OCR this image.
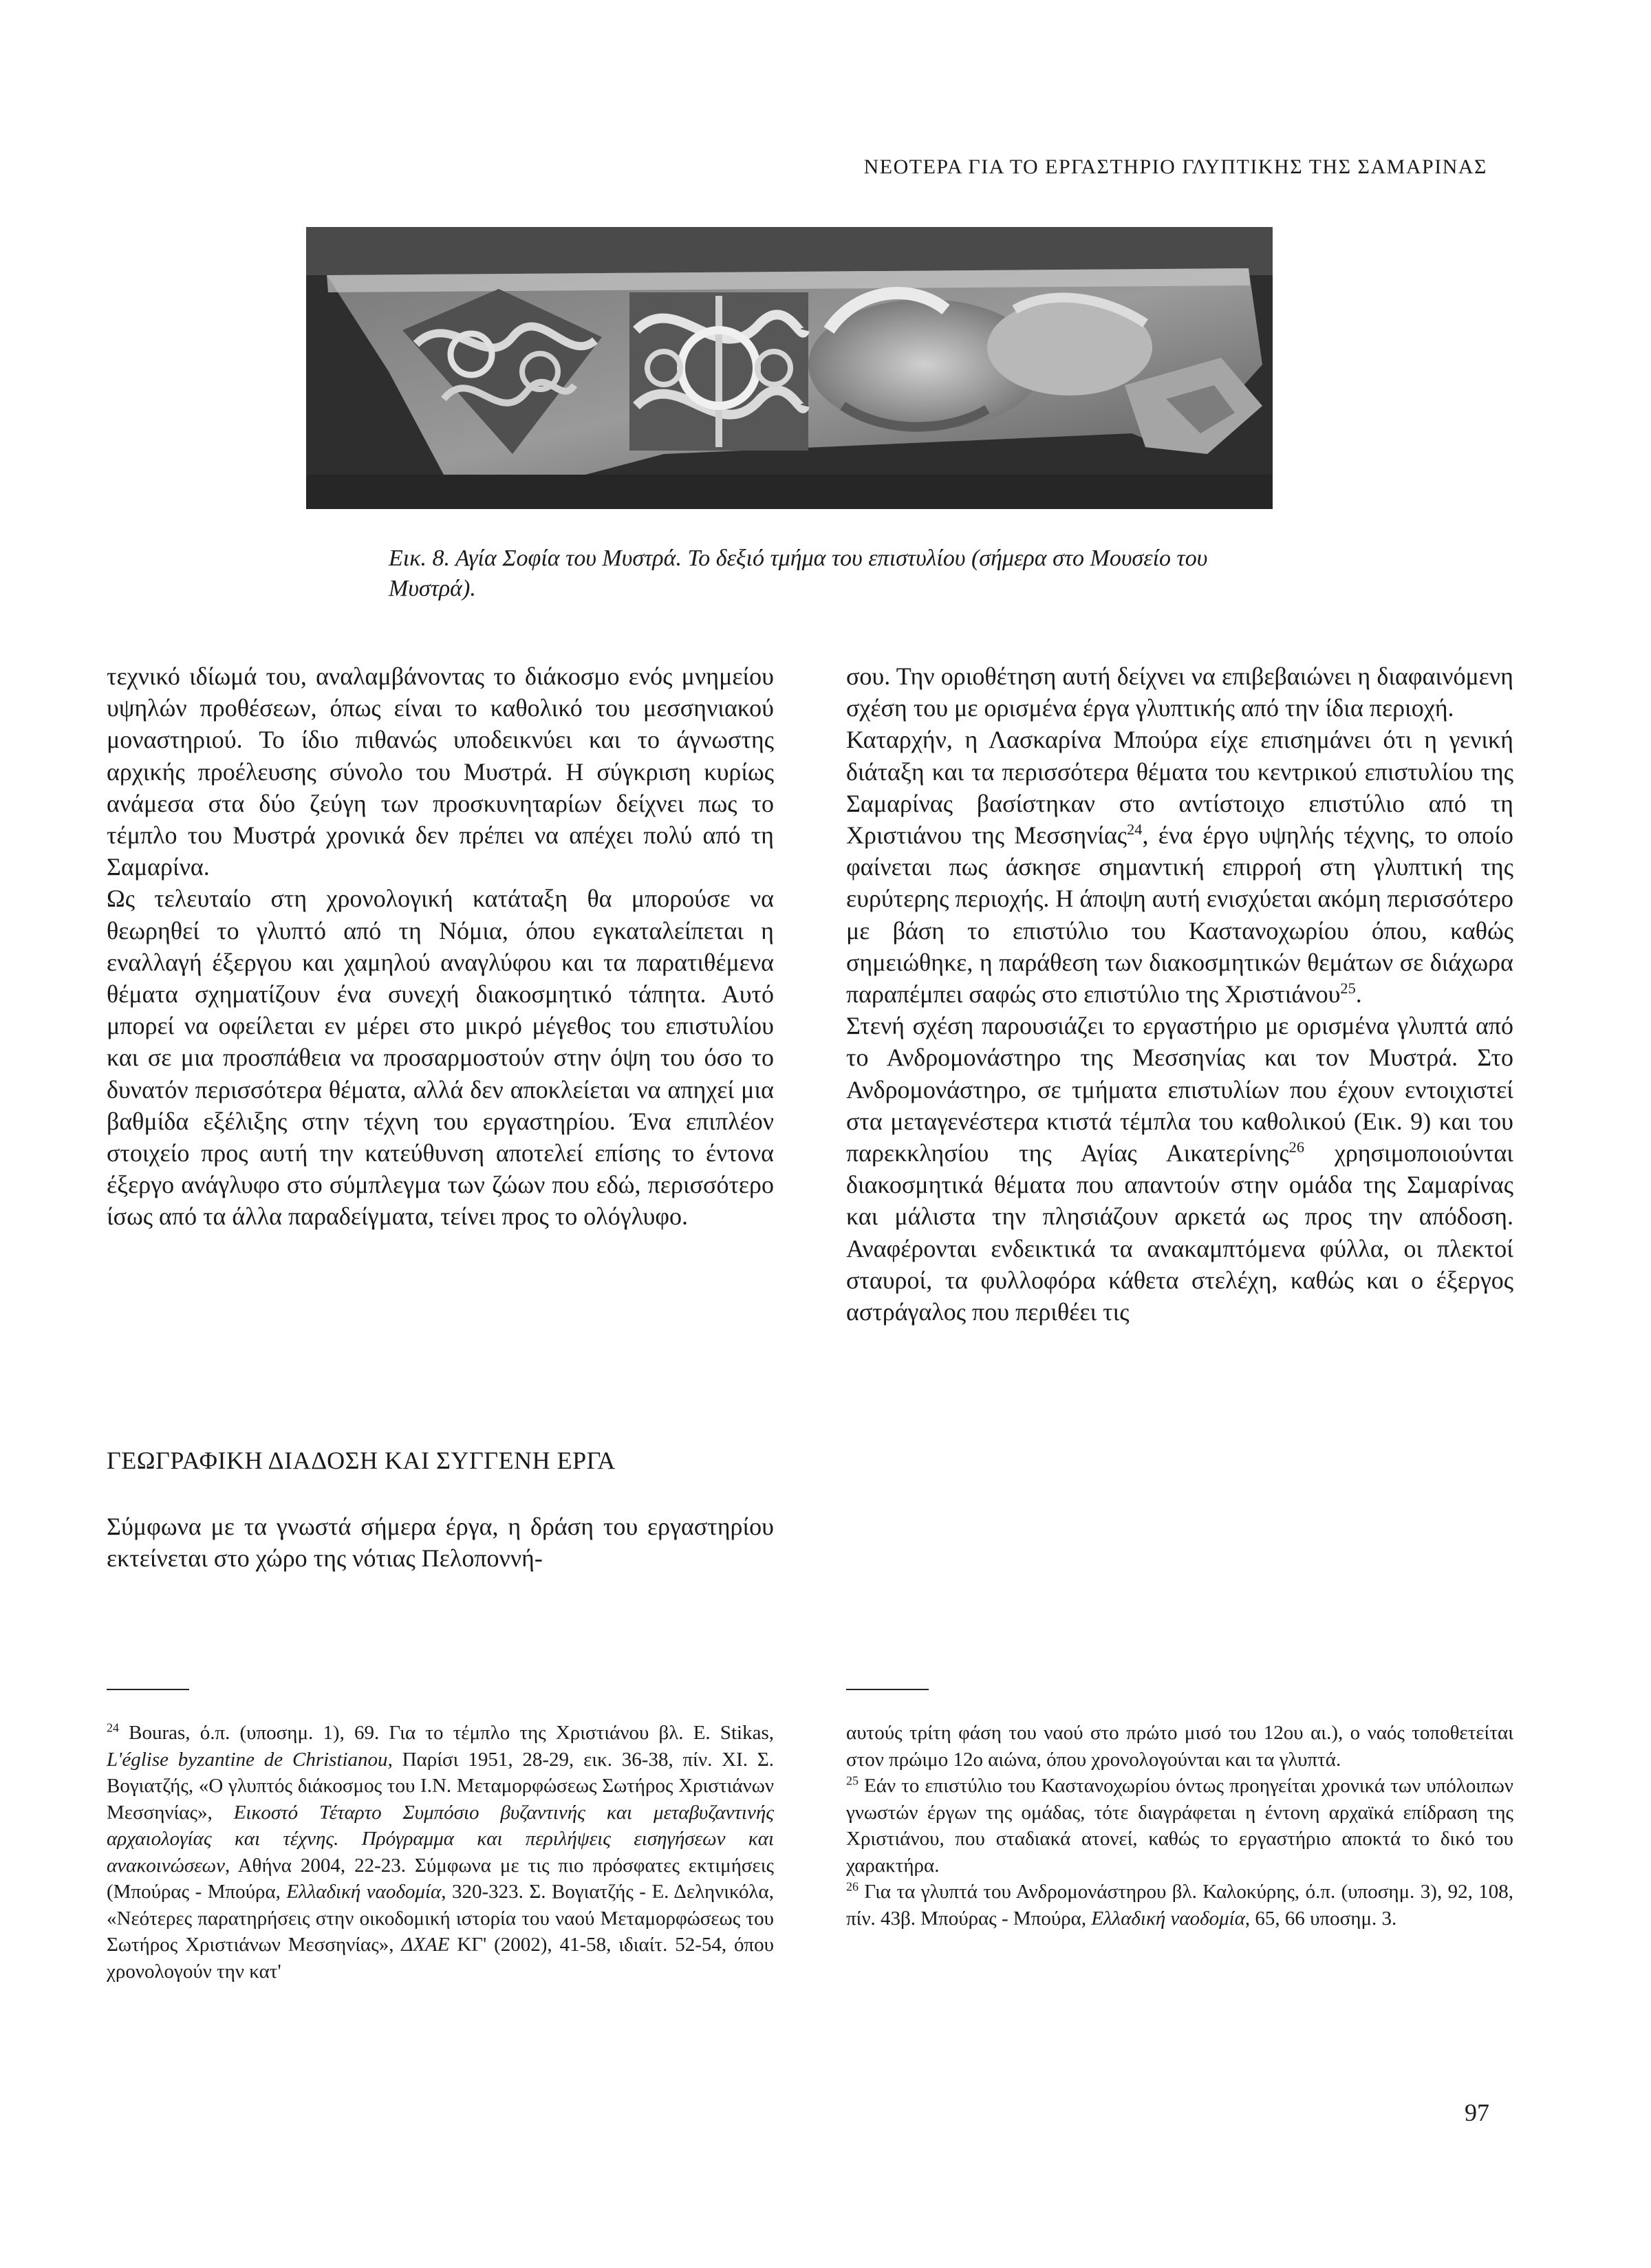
ΝΕΟΤΕΡΑ ΓΙΑ ΤΟ ΕΡΓΑΣΤΗΡΙΟ ΓΛΥΠΤΙΚΗΣ ΤΗΣ ΣΑΜΑΡΙΝΑΣ
Εικ. 8. Αγία Σοφία του Μυστρά. Το δεξιό τμήμα του επιστυλίου (σήμερα στο Μουσείο του Μυστρά).

τεχνικό ιδίωμά του, αναλαμβάνοντας το διάκοσμο ενός μνημείου υψηλών προθέσεων, όπως είναι το καθολικό του μεσσηνιακού μοναστηριού. Το ίδιο πιθανώς υποδεικνύει και το άγνωστης αρχικής προέλευσης σύνολο του Μυστρά. Η σύγκριση κυρίως ανάμεσα στα δύο ζεύγη των προσκυνηταρίων δείχνει πως το τέμπλο του Μυστρά χρονικά δεν πρέπει να απέχει πολύ από τη Σαμαρίνα.

Ως τελευταίο στη χρονολογική κατάταξη θα μπορούσε να θεωρηθεί το γλυπτό από τη Νόμια, όπου εγκαταλείπεται η εναλλαγή έξεργου και χαμηλού αναγλύφου και τα παρατιθέμενα θέματα σχηματίζουν ένα συνεχή διακοσμητικό τάπητα. Αυτό μπορεί να οφείλεται εν μέρει στο μικρό μέγεθος του επιστυλίου και σε μια προσπάθεια να προσαρμοστούν στην όψη του όσο το δυνατόν περισσότερα θέματα, αλλά δεν αποκλείεται να απηχεί μια βαθμίδα εξέλιξης στην τέχνη του εργαστηρίου. Ένα επιπλέον στοιχείο προς αυτή την κατεύθυνση αποτελεί επίσης το έντονα έξεργο ανάγλυφο στο σύμπλεγμα των ζώων που εδώ, περισσότερο ίσως από τα άλλα παραδείγματα, τείνει προς το ολόγλυφο.

ΓΕΩΓΡΑΦΙΚΗ ΔΙΑΔΟΣΗ ΚΑΙ ΣΥΓΓΕΝΗ ΕΡΓΑ

Σύμφωνα με τα γνωστά σήμερα έργα, η δράση του εργαστηρίου εκτείνεται στο χώρο της νότιας Πελοποννή-

σου. Την οριοθέτηση αυτή δείχνει να επιβεβαιώνει η διαφαινόμενη σχέση του με ορισμένα έργα γλυπτικής από την ίδια περιοχή.

Καταρχήν, η Λασκαρίνα Μπούρα είχε επισημάνει ότι η γενική διάταξη και τα περισσότερα θέματα του κεντρικού επιστυλίου της Σαμαρίνας βασίστηκαν στο αντίστοιχο επιστύλιο από τη Χριστιάνου της Μεσσηνίας$^{24}$, ένα έργο υψηλής τέχνης, το οποίο φαίνεται πως άσκησε σημαντική επιρροή στη γλυπτική της ευρύτερης περιοχής. Η άποψη αυτή ενισχύεται ακόμη περισσότερο με βάση το επιστύλιο του Καστανοχωρίου όπου, καθώς σημειώθηκε, η παράθεση των διακοσμητικών θεμάτων σε διάχωρα παραπέμπει σαφώς στο επιστύλιο της Χριστιάνου$^{25}$.

Στενή σχέση παρουσιάζει το εργαστήριο με ορισμένα γλυπτά από το Ανδρομονάστηρο της Μεσσηνίας και τον Μυστρά. Στο Ανδρομονάστηρο, σε τμήματα επιστυλίων που έχουν εντοιχιστεί στα μεταγενέστερα κτιστά τέμπλα του καθολικού (Εικ. 9) και του παρεκκλησίου της Αγίας Αικατερίνης$^{26}$ χρησιμοποιούνται διακοσμητικά θέματα που απαντούν στην ομάδα της Σαμαρίνας και μάλιστα την πλησιάζουν αρκετά ως προς την απόδοση. Αναφέρονται ενδεικτικά τα ανακαμπτόμενα φύλλα, οι πλεκτοί σταυροί, τα φυλλοφόρα κάθετα στελέχη, καθώς και ο έξεργος αστράγαλος που περιθέει τις

$^{24}$ Bouras, ό.π. (υποσημ. 1), 69. Για το τέμπλο της Χριστιάνου βλ. E. Stikas, L'église byzantine de Christianou, Παρίσι 1951, 28-29, εικ. 36-38, πίν. XI. Σ. Βογιατζής, «Ο γλυπτός διάκοσμος του Ι.Ν. Μεταμορφώσεως Σωτήρος Χριστιάνων Μεσσηνίας», Εικοστό Τέταρτο Συμπόσιο βυζαντινής και μεταβυζαντινής αρχαιολογίας και τέχνης. Πρόγραμμα και περιλήψεις εισηγήσεων και ανακοινώσεων, Αθήνα 2004, 22-23. Σύμφωνα με τις πιο πρόσφατες εκτιμήσεις (Μπούρας - Μπούρα, Ελλαδική ναοδομία, 320-323. Σ. Βογιατζής - Ε. Δεληνικόλα, «Νεότερες παρατηρήσεις στην οικοδομική ιστορία του ναού Μεταμορφώσεως του Σωτήρος Χριστιάνων Μεσσηνίας», ΔΧΑΕ ΚΓ' (2002), 41-58, ιδιαίτ. 52-54, όπου χρονολογούν την κατ'

αυτούς τρίτη φάση του ναού στο πρώτο μισό του 12ου αι.), ο ναός τοποθετείται στον πρώιμο 12ο αιώνα, όπου χρονολογούνται και τα γλυπτά.

$^{25}$ Εάν το επιστύλιο του Καστανοχωρίου όντως προηγείται χρονικά των υπόλοιπων γνωστών έργων της ομάδας, τότε διαγράφεται η έντονη αρχαϊκά επίδραση της Χριστιάνου, που σταδιακά ατονεί, καθώς το εργαστήριο αποκτά το δικό του χαρακτήρα.

$^{26}$ Για τα γλυπτά του Ανδρομονάστηρου βλ. Καλοκύρης, ό.π. (υποσημ. 3), 92, 108, πίν. 43β. Μπούρας - Μπούρα, Ελλαδική ναοδομία, 65, 66 υποσημ. 3.

97
